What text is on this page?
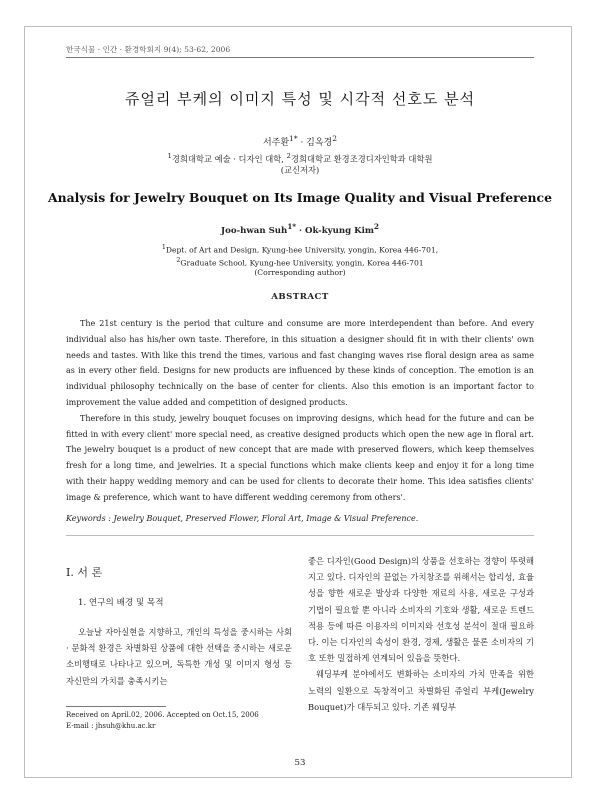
한국식물 · 인간 · 환경학회지 9(4); 53-62, 2006
쥬얼리 부케의 이미지 특성 및 시각적 선호도 분석
서주환$^{1*}$ · 김옥경$^2$
$^1$경희대학교 예술 · 디자인 대학, $^2$경희대학교 환경조경디자인학과 대학원
(교신저자)
Analysis for Jewelry Bouquet on Its Image Quality and Visual Preference
Joo-hwan Suh$^{1*}$ · Ok-kyung Kim$^2$
$^1$Dept. of Art and Design, Kyung-hee University, yongin, Korea 446-701,
$^2$Graduate School, Kyung-hee University, yongin, Korea 446-701
(Corresponding author)
ABSTRACT

The 21st century is the period that culture and consume are more interdependent than before. And every individual also has his/her own taste. Therefore, in this situation a designer should fit in with their clients' own needs and tastes. With like this trend the times, various and fast changing waves rise floral design area as same as in every other field. Designs for new products are influenced by these kinds of conception. The emotion is an individual philosophy technically on the base of center for clients. Also this emotion is an important factor to improvement the value added and competition of designed products.

Therefore in this study, jewelry bouquet focuses on improving designs, which head for the future and can be fitted in with every client' more special need, as creative designed products which open the new age in floral art. The jewelry bouquet is a product of new concept that are made with preserved flowers, which keep themselves fresh for a long time, and jewelries. It a special functions which make clients keep and enjoy it for a long time with their happy wedding memory and can be used for clients to decorate their home. This idea satisfies clients' image & preference, which want to have different wedding ceremony from others'.

Keywords : Jewelry Bouquet, Preserved Flower, Floral Art, Image & Visual Preference.
Ⅰ. 서 론
1. 연구의 배경 및 목적

오늘날 자아실현을 지향하고, 개인의 특성을 중시하는 사회 · 문화적 환경은 차별화된 상품에 대한 선택을 중시하는 새로운 소비행태로 나타나고 있으며, 독특한 개성 및 이미지 형성 등 자신만의 가치를 충족시키는

Received on April.02, 2006. Accepted on Oct.15, 2006
E-mail : jhsuh@khu.ac.kr

좋은 디자인(Good Design)의 상품을 선호하는 경향이 뚜렷해지고 있다. 디자인의 끝없는 가치창조를 위해서는 합리성, 효율성을 향한 새로운 발상과 다양한 재료의 사용, 새로운 구성과 기법이 필요할 뿐 아니라 소비자의 기호와 생활, 새로운 트렌드 적용 등에 따른 이용자의 이미지와 선호성 분석이 절대 필요하다. 이는 디자인의 속성이 환경, 경제, 생활은 물론 소비자의 기호 또한 밀접하게 연계되어 있음을 뜻한다.

웨딩부케 분야에서도 변화하는 소비자의 가치 만족을 위한 노력의 일환으로 독창적이고 차별화된 쥬얼리 부케(Jewelry Bouquet)가 대두되고 있다. 기존 웨딩부

53
